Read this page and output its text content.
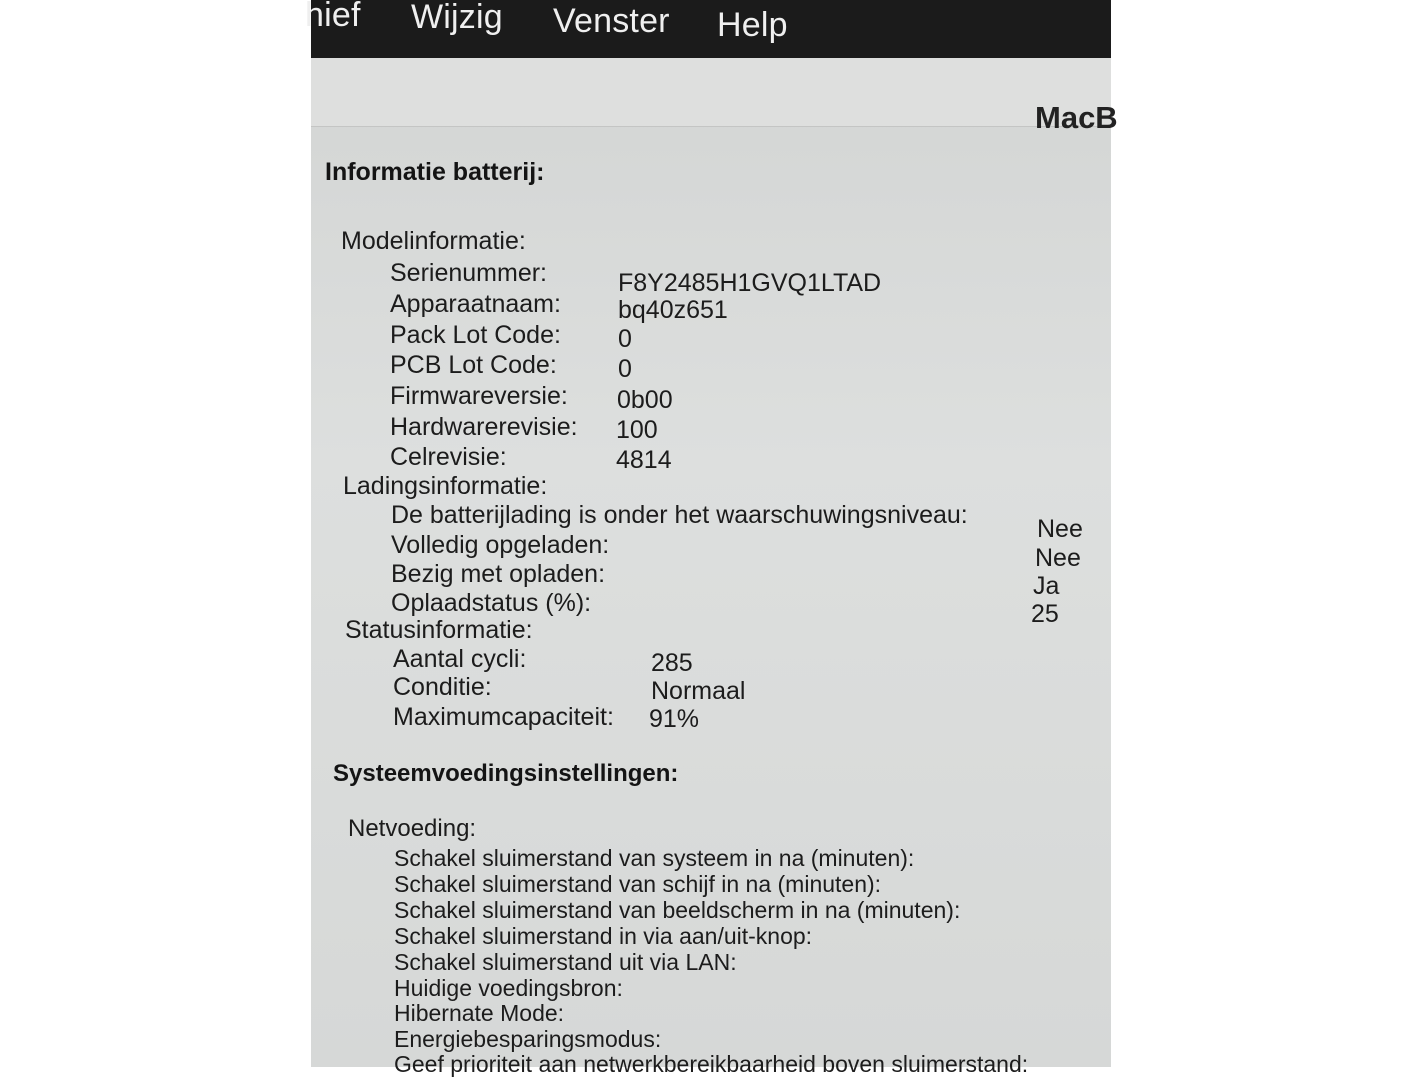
hief Wijzig Venster Help
MacB
Informatie batterij:
Modelinformatie:
Serienummer:	F8Y2485H1GVQ1LTAD
Apparaatnaam: bq40z651
Pack Lot Code: 0
PCB Lot Code: 0
Firmwareversie: 0b00
Hardwarerevisie: 100
Celrevisie:	4814
Ladingsinformatie:
De batterijlading is onder het waarschuwingsniveau:	Nee
Volledig opgeladen:	Nee
Bezig met opladen:	Ja
Oplaadstatus (%):	25
Statusinformatie:
Aantal cycli:	285
Conditie:	Normaal
Maximumcapaciteit: 91%
Systeemvoedingsinstellingen:
Netvoeding:
Schakel sluimerstand van systeem in na (minuten):
Schakel sluimerstand van schijf in na (minuten):
Schakel sluimerstand van beeldscherm in na (minuten):
Schakel sluimerstand in via aan/uit-knop:
Schakel sluimerstand uit via LAN:
Huidige voedingsbron:
Hibernate Mode:
Energiebesparingsmodus:
Geef prioriteit aan netwerkbereikbaarheid boven sluimerstand:
